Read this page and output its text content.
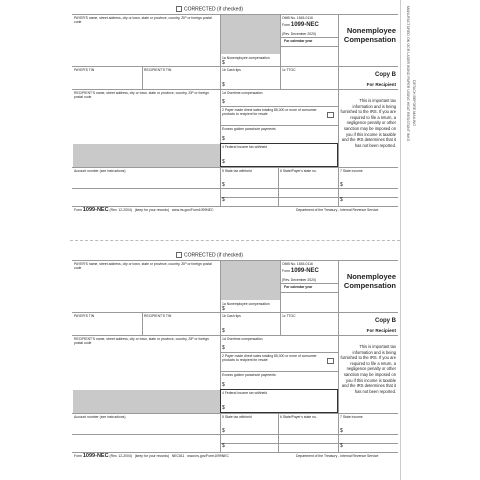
CORRECTED (if checked)
PAYER'S name, street address, city or town, state or province, country, ZIP or foreign postal code
OMB No. 1545-0116
Form 1099-NEC
(Rev. December 2020)
For calendar year
Nonemployee
Compensation
1a Nonemployee compensation
$
PAYER'S TIN	RECIPIENT'S TIN	1b Cash tips
$
1c TTOC
Copy B
For Recipient
This is important tax information and is being furnished to the IRS. If you are required to file a return, a negligence penalty or other sanction may be imposed on you if this income is taxable and the IRS determines that it has not been reported.
RECIPIENT'S name, street address, city or town, state or province, country, ZIP or foreign postal code
1d Overtime compensation
$
2 Payer made direct sales totaling $5,000 or more of consumer products to recipient for resale
Excess golden parachute payments
$
4 Federal income tax withheld
$
Account number (see instructions)	5 State tax withheld
$
$
6 State/Payer's state no.	7 State income
$
$
Form 1099-NEC (Rev. 12-2004) (keep for your records) www.irs.gov/Form1099NEC	Department of the Treasury - Internal Revenue Service
CORRECTED (if checked)
PAYER'S name, street address, city or town, state or province, country, ZIP or foreign postal code
OMB No. 1545-0116
Form 1099-NEC
(Rev. December 2020)
For calendar year
Nonemployee
Compensation
1a Nonemployee compensation
$
PAYER'S TIN	RECIPIENT'S TIN	1b Cash tips
$
1c TTOC
Copy B
For Recipient
This is important tax information and is being furnished to the IRS. If you are required to file a return, a negligence penalty or other sanction may be imposed on you if this income is taxable and the IRS determines that it has not been reported.
RECIPIENT'S name, street address, city or town, state or province, country, ZIP or foreign postal code
1d Overtime compensation
$
2 Payer made direct sales totaling $5,000 or more of consumer products to recipient for resale
Excess golden parachute payments
$
4 Federal income tax withheld
$
Account number (see instructions)	5 State tax withheld
$
$
6 State/Payer's state no.	7 State income
$
$
Form 1099-NEC (Rev. 12-2004) (keep for your records) NEC811 www.irs.gov/Form1099NEC	Department of the Treasury - Internal Revenue Service
DETACH BEFORE MAILING
MANUFACTURED ON OCR LASER BOND PAPER USING HEAT RESISTANT INKS
